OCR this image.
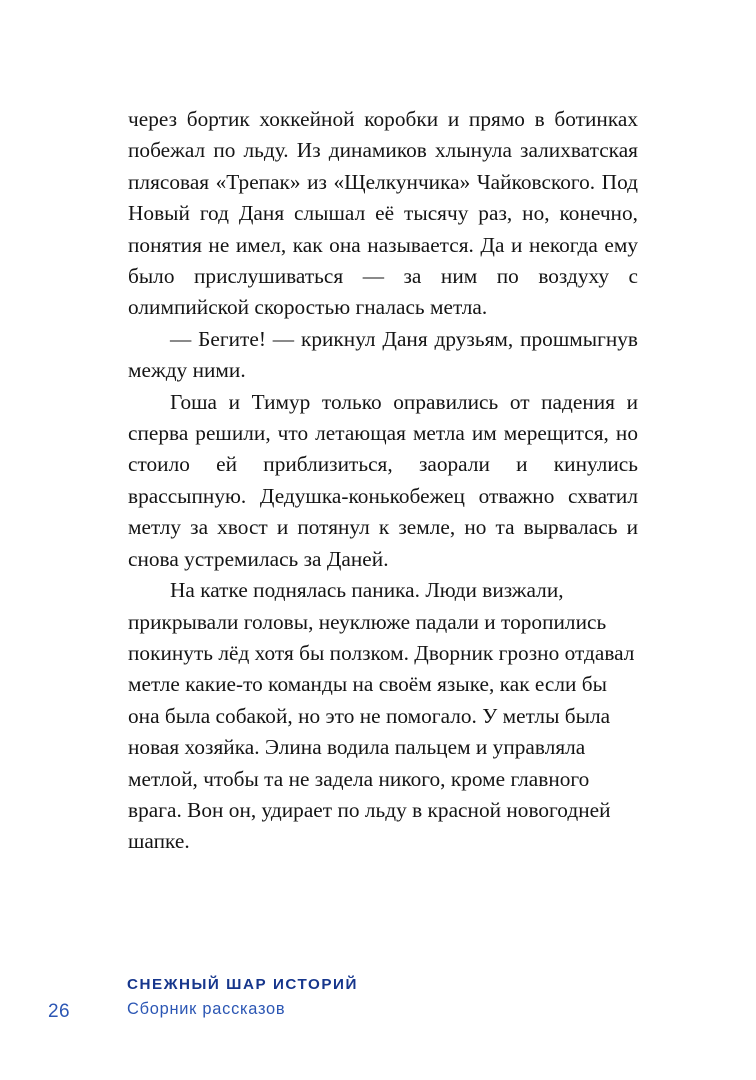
через бортик хоккейной коробки и прямо в ботинках побежал по льду. Из динамиков хлынула залихватская плясовая «Трепак» из «Щелкунчика» Чайковского. Под Новый год Даня слышал её тысячу раз, но, конечно, понятия не имел, как она называется. Да и некогда ему было прислушиваться — за ним по воздуху с олимпийской скоростью гналась метла.

— Бегите! — крикнул Даня друзьям, прошмыгнув между ними.

Гоша и Тимур только оправились от падения и сперва решили, что летающая метла им мерещится, но стоило ей приблизиться, заорали и кинулись врассыпную. Дедушка-конькобежец отважно схватил метлу за хвост и потянул к земле, но та вырвалась и снова устремилась за Даней.

На катке поднялась паника. Люди визжали, прикрывали головы, неуклюже падали и торопились покинуть лёд хотя бы ползком. Дворник грозно отдавал метле какие-то команды на своём языке, как если бы она была собакой, но это не помогало. У метлы была новая хозяйка. Элина водила пальцем и управляла метлой, чтобы та не задела никого, кроме главного врага. Вон он, удирает по льду в красной новогодней шапке.

26
СНЕЖНЫЙ ШАР ИСТОРИЙ
Сборник рассказов
